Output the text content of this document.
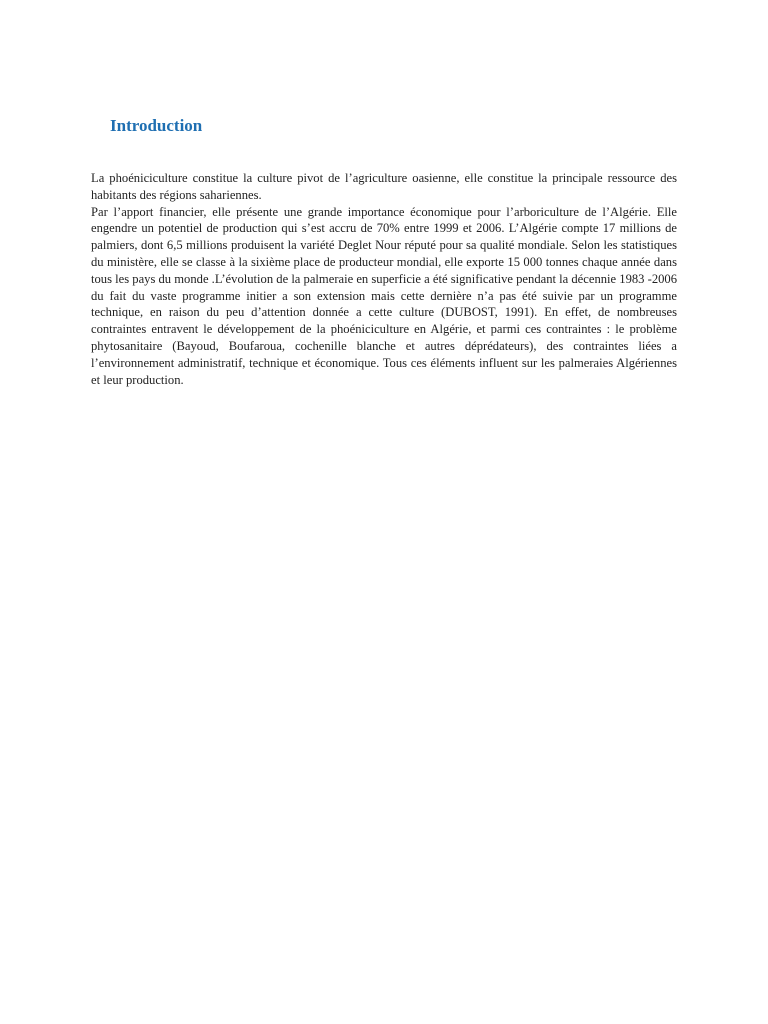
Introduction

La phoéniciculture constitue la culture pivot de l’agriculture oasienne, elle constitue la principale ressource des habitants des régions sahariennes.

Par l’apport financier, elle présente une grande importance économique pour l’arboriculture de l’Algérie. Elle engendre un potentiel de production qui s’est accru de 70% entre 1999 et 2006. L’Algérie compte 17 millions de palmiers, dont 6,5 millions produisent la variété Deglet Nour réputé pour sa qualité mondiale. Selon les statistiques du ministère, elle se classe à la sixième place de producteur mondial, elle exporte 15 000 tonnes chaque année dans tous les pays du monde .L’évolution de la palmeraie en superficie a été significative pendant la décennie 1983 -2006 du fait du vaste programme initier a son extension mais cette dernière n’a pas été suivie par un programme technique, en raison du peu d’attention donnée a cette culture (DUBOST, 1991). En effet, de nombreuses contraintes entravent le développement de la phoéniciculture en Algérie, et parmi ces contraintes : le problème phytosanitaire (Bayoud, Boufaroua, cochenille blanche et autres déprédateurs), des contraintes liées a l’environnement administratif, technique et économique. Tous ces éléments influent sur les palmeraies Algériennes et leur production.
